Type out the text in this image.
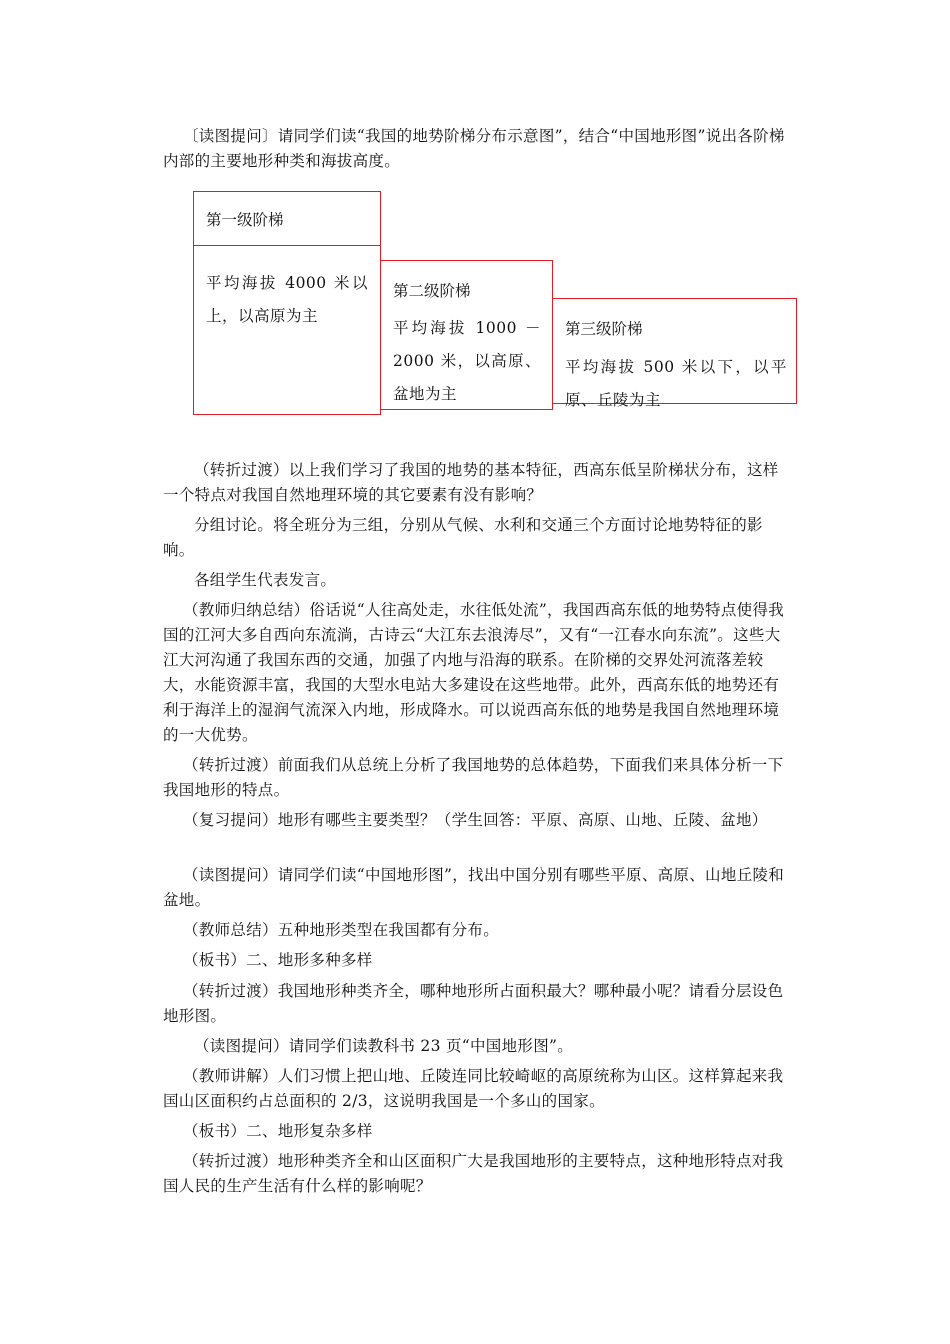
〔读图提问〕请同学们读“我国的地势阶梯分布示意图”，结合“中国地形图”说出各阶梯内部的主要地形种类和海拔高度。

第一级阶梯
平均海拔 4000 米以上，以高原为主
第二级阶梯
平均海拔 1000 － 2000 米，以高原、盆地为主
第三级阶梯
平均海拔 500 米以下，以平原、丘陵为主

（转折过渡）以上我们学习了我国的地势的基本特征，西高东低呈阶梯状分布，这样一个特点对我国自然地理环境的其它要素有没有影响？

分组讨论。将全班分为三组，分别从气候、水利和交通三个方面讨论地势特征的影响。

各组学生代表发言。

（教师归纳总结）俗话说“人往高处走，水往低处流”，我国西高东低的地势特点使得我国的江河大多自西向东流淌，古诗云“大江东去浪涛尽”，又有“一江春水向东流”。这些大江大河沟通了我国东西的交通，加强了内地与沿海的联系。在阶梯的交界处河流落差较大，水能资源丰富，我国的大型水电站大多建设在这些地带。此外，西高东低的地势还有利于海洋上的湿润气流深入内地，形成降水。可以说西高东低的地势是我国自然地理环境的一大优势。

（转折过渡）前面我们从总统上分析了我国地势的总体趋势，下面我们来具体分析一下我国地形的特点。

（复习提问）地形有哪些主要类型？（学生回答：平原、高原、山地、丘陵、盆地）

（读图提问）请同学们读“中国地形图”，找出中国分别有哪些平原、高原、山地丘陵和盆地。

（教师总结）五种地形类型在我国都有分布。

（板书）二、地形多种多样

（转折过渡）我国地形种类齐全，哪种地形所占面积最大？哪种最小呢？请看分层设色地形图。

（读图提问）请同学们读教科书 23 页“中国地形图”。

（教师讲解）人们习惯上把山地、丘陵连同比较崎岖的高原统称为山区。这样算起来我国山区面积约占总面积的 2/3，这说明我国是一个多山的国家。

（板书）二、地形复杂多样

（转折过渡）地形种类齐全和山区面积广大是我国地形的主要特点，这种地形特点对我国人民的生产生活有什么样的影响呢？
